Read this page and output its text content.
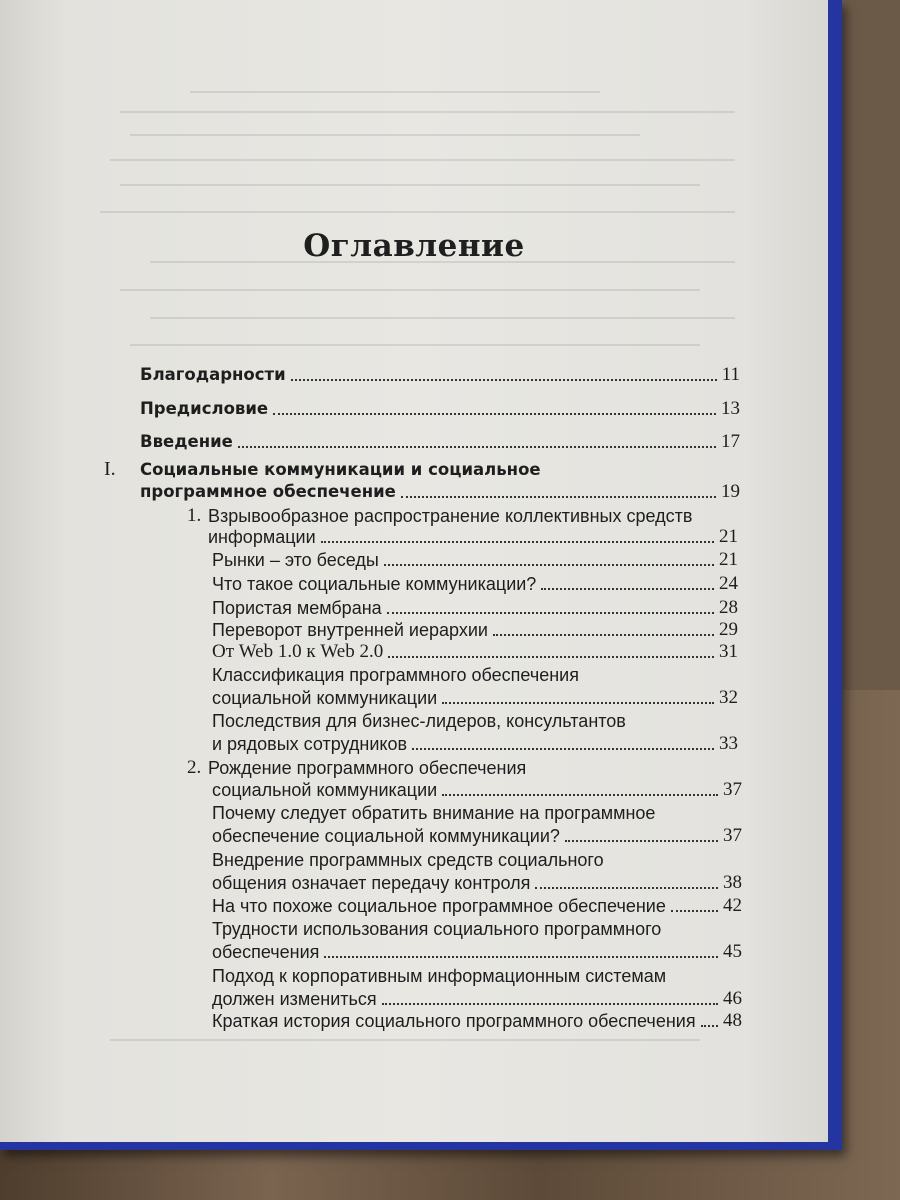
Оглавление
Благодарности	11
Предисловие	13
Введение	17
I. Социальные коммуникации и социальное
программное обеспечение	19
1. Взрывообразное распространение коллективных средств
информации	21
Рынки – это беседы	21
Что такое социальные коммуникации?	24
Пористая мембрана	28
Переворот внутренней иерархии	29
От Web 1.0 к Web 2.0	31
Классификация программного обеспечения
социальной коммуникации	32
Последствия для бизнес-лидеров, консультантов
и рядовых сотрудников	33
2. Рождение программного обеспечения
социальной коммуникации	37
Почему следует обратить внимание на программное
обеспечение социальной коммуникации?	37
Внедрение программных средств социального
общения означает передачу контроля	38
На что похоже социальное программное обеспечение	42
Трудности использования социального программного
обеспечения	45
Подход к корпоративным информационным системам
должен измениться	46
Краткая история социального программного обеспечения 48
